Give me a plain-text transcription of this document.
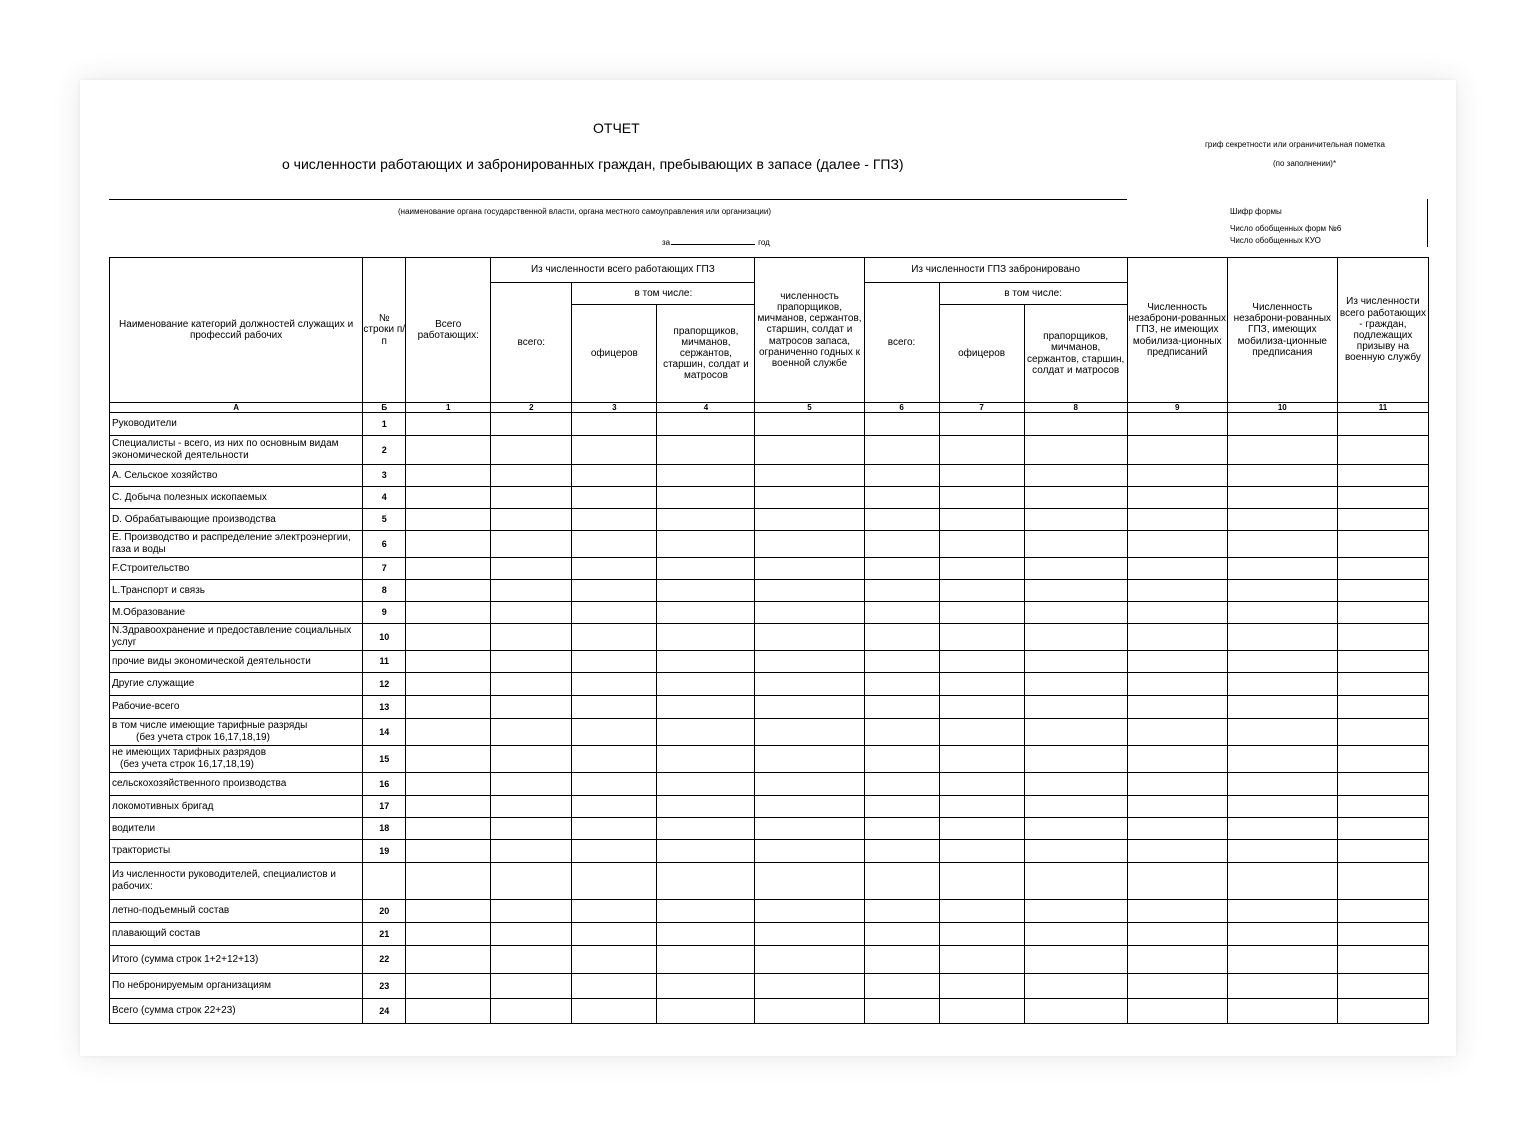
ОТЧЕТ
о численности работающих и забронированных граждан, пребывающих в запасе (далее - ГПЗ)
гриф секретности или ограничительная пометка
(по заполнении)*
(наименование органа государственной власти, органа местного самоуправления или организации)
за	год
Шифр формы
Число обобщенных форм №6
Число обобщенных КУО
Наименование категорий должностей служащих и профессий рабочих	№ строки п/п	Всего работающих:	Из численности всего работающих ГПЗ			численность прапорщиков, мичманов, сержантов, старшин, солдат и матросов запаса, ограниченно годных к военной службе	Из численности ГПЗ забронировано			Численность незаброни-рованных ГПЗ, не имеющих мобилиза-ционных предписаний	Численность незаброни-рованных ГПЗ, имеющих мобилиза-ционные предписания	Из численности всего работающих - граждан, подлежащих призыву на военную службу
			всего:	в том числе:			всего:	в том числе:				
				офицеров	прапорщиков, мичманов, сержантов, старшин, солдат и матросов			офицеров	прапорщиков, мичманов, сержантов, старшин, солдат и матросов			
А	Б	1	2	3	4	5	6	7	8	9	10	11
Руководители	1											
Специалисты - всего, из них по основным видам экономической деятельности	2											
А. Сельское хозяйство	3											
С. Добыча полезных ископаемых	4											
D. Обрабатывающие производства	5											
Е. Производство и распределение электроэнергии, газа и воды	6											
F.Строительство	7											
L.Транспорт и связь	8											
M.Образование	9											
N.Здравоохранение и предоставление социальных услуг	10											
прочие виды экономической деятельности	11											
Другие служащие	12											
Рабочие-всего	13											
в том числе имеющие тарифные разряды
(без учета строк 16,17,18,19)	14											
не имеющих тарифных разрядов
(без учета строк 16,17,18,19)	15											
сельскохозяйственного производства	16											
локомотивных бригад	17											
водители	18											
трактористы	19											
Из численности руководителей, специалистов и рабочих:												
летно-подъемный состав	20											
плавающий состав	21											
Итого (сумма строк 1+2+12+13)	22											
По небронируемым организациям	23											
Всего (сумма строк 22+23)	24											
